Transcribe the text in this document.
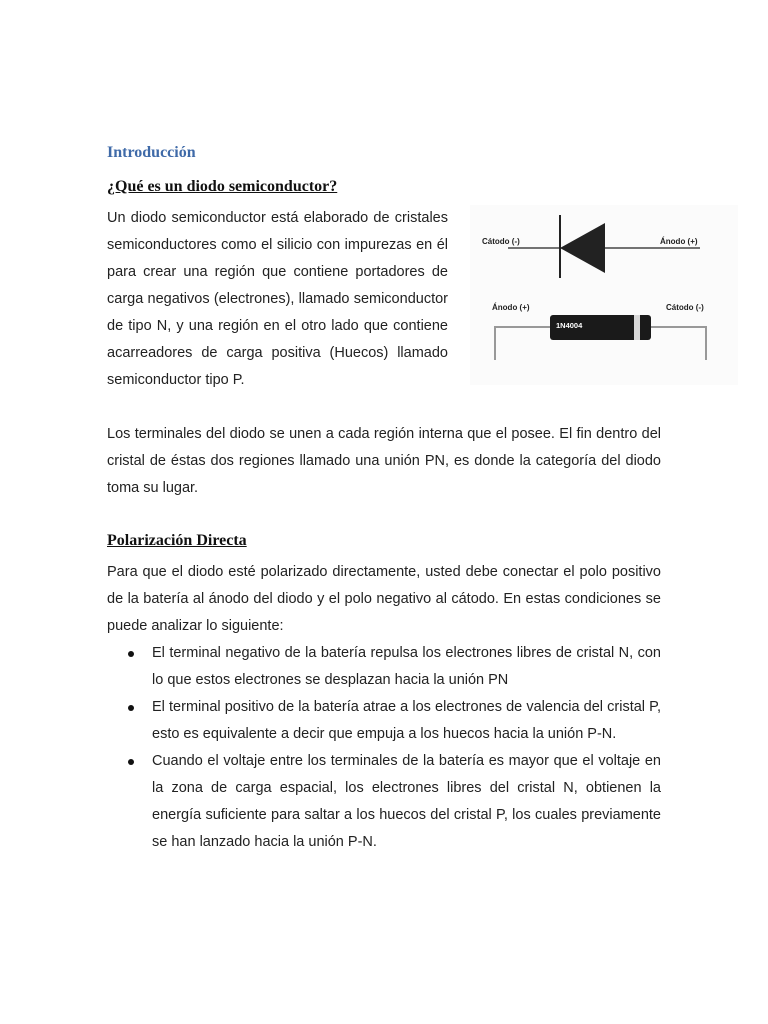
Introducción
¿Qué es un diodo semiconductor?

Un diodo semiconductor está elaborado de cristales semiconductores como el silicio con impurezas en él para crear una región que contiene portadores de carga negativos (electrones), llamado semiconductor de tipo N, y una región en el otro lado que contiene acarreadores de carga positiva (Huecos) llamado semiconductor tipo P.

Cátodo (-)	Ánodo (+)
Ánodo (+)	Cátodo (-)
1N4004

Los terminales del diodo se unen a cada región interna que el posee. El fin dentro del cristal de éstas dos regiones llamado una unión PN, es donde la categoría del diodo toma su lugar.

Polarización Directa

Para que el diodo esté polarizado directamente, usted debe conectar el polo positivo de la batería al ánodo del diodo y el polo negativo al cátodo. En estas condiciones se puede analizar lo siguiente:

El terminal negativo de la batería repulsa los electrones libres de cristal N, con lo que estos electrones se desplazan hacia la unión PN
El terminal positivo de la batería atrae a los electrones de valencia del cristal P, esto es equivalente a decir que empuja a los huecos hacia la unión P-N.
Cuando el voltaje entre los terminales de la batería es mayor que el voltaje en la zona de carga espacial, los electrones libres del cristal N, obtienen la energía suficiente para saltar a los huecos del cristal P, los cuales previamente se han lanzado hacia la unión P-N.
